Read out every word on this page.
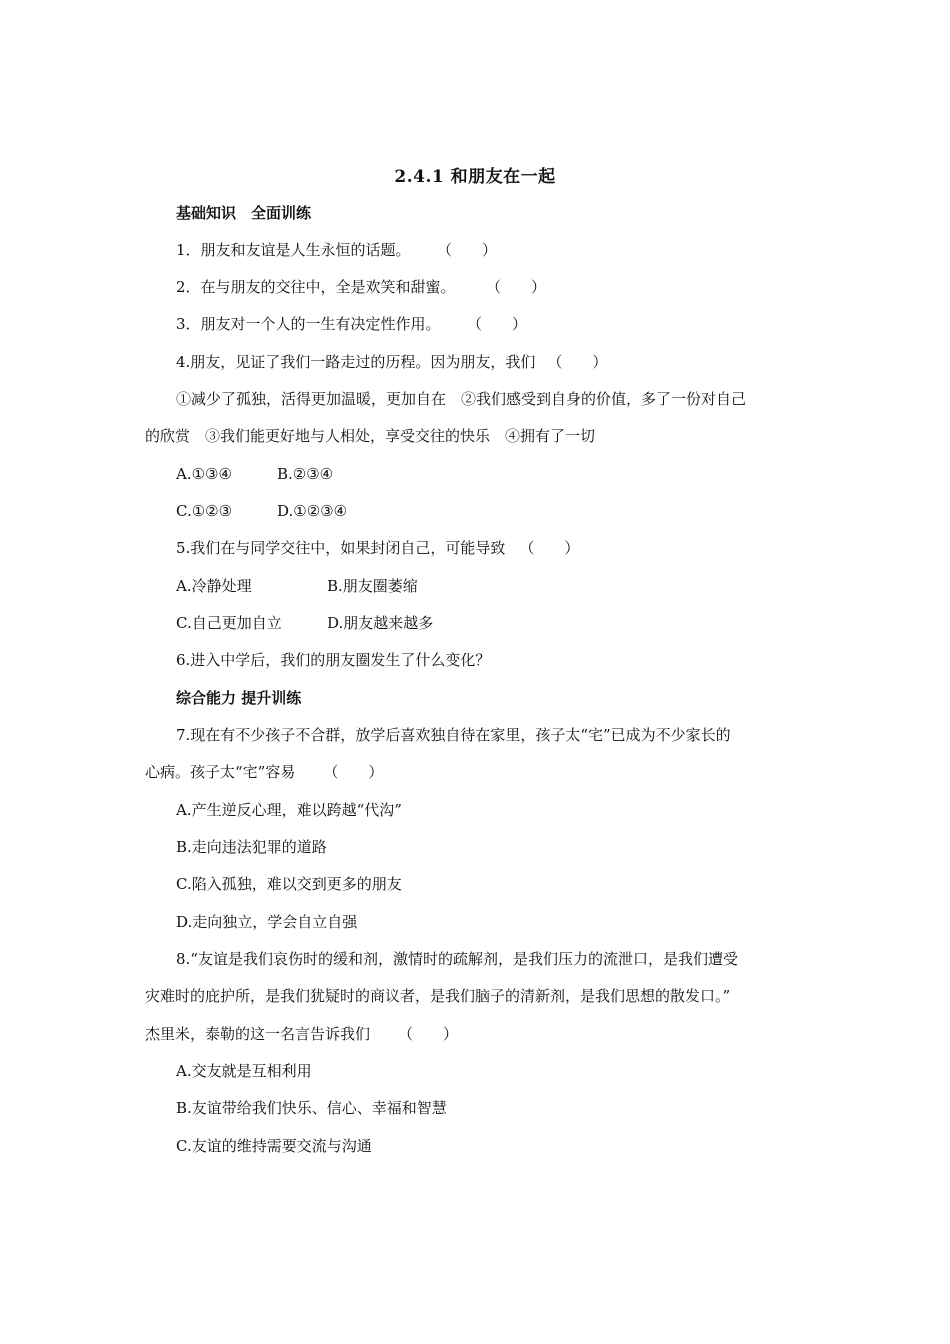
2.4.1 和朋友在一起
基础知识　全面训练
1．朋友和友谊是人生永恒的话题。 （　　）
2．在与朋友的交往中，全是欢笑和甜蜜。	（　　）
3．朋友对一个人的一生有决定性作用。 （　　）
4.朋友，见证了我们一路走过的历程。因为朋友，我们 （　　）
①减少了孤独，活得更加温暖，更加自在　②我们感受到自身的价值，多了一份对自己
的欣赏　③我们能更好地与人相处，享受交往的快乐　④拥有了一切
A.①③④	B.②③④
C.①②③	D.①②③④
5.我们在与同学交往中，如果封闭自己，可能导致 （　　）
A.冷静处理	B.朋友圈萎缩
C.自己更加自立	D.朋友越来越多
6.进入中学后，我们的朋友圈发生了什么变化？
综合能力 提升训练
7.现在有不少孩子不合群，放学后喜欢独自待在家里，孩子太“宅”已成为不少家长的
心病。孩子太“宅”容易 （　　）
A.产生逆反心理，难以跨越“代沟”
B.走向违法犯罪的道路
C.陷入孤独，难以交到更多的朋友
D.走向独立，学会自立自强
8.“友谊是我们哀伤时的缓和剂，激情时的疏解剂，是我们压力的流泄口，是我们遭受
灾难时的庇护所，是我们犹疑时的商议者，是我们脑子的清新剂，是我们思想的散发口。”
杰里米，泰勒的这一名言告诉我们 （　　）
A.交友就是互相利用
B.友谊带给我们快乐、信心、幸福和智慧
C.友谊的维持需要交流与沟通
